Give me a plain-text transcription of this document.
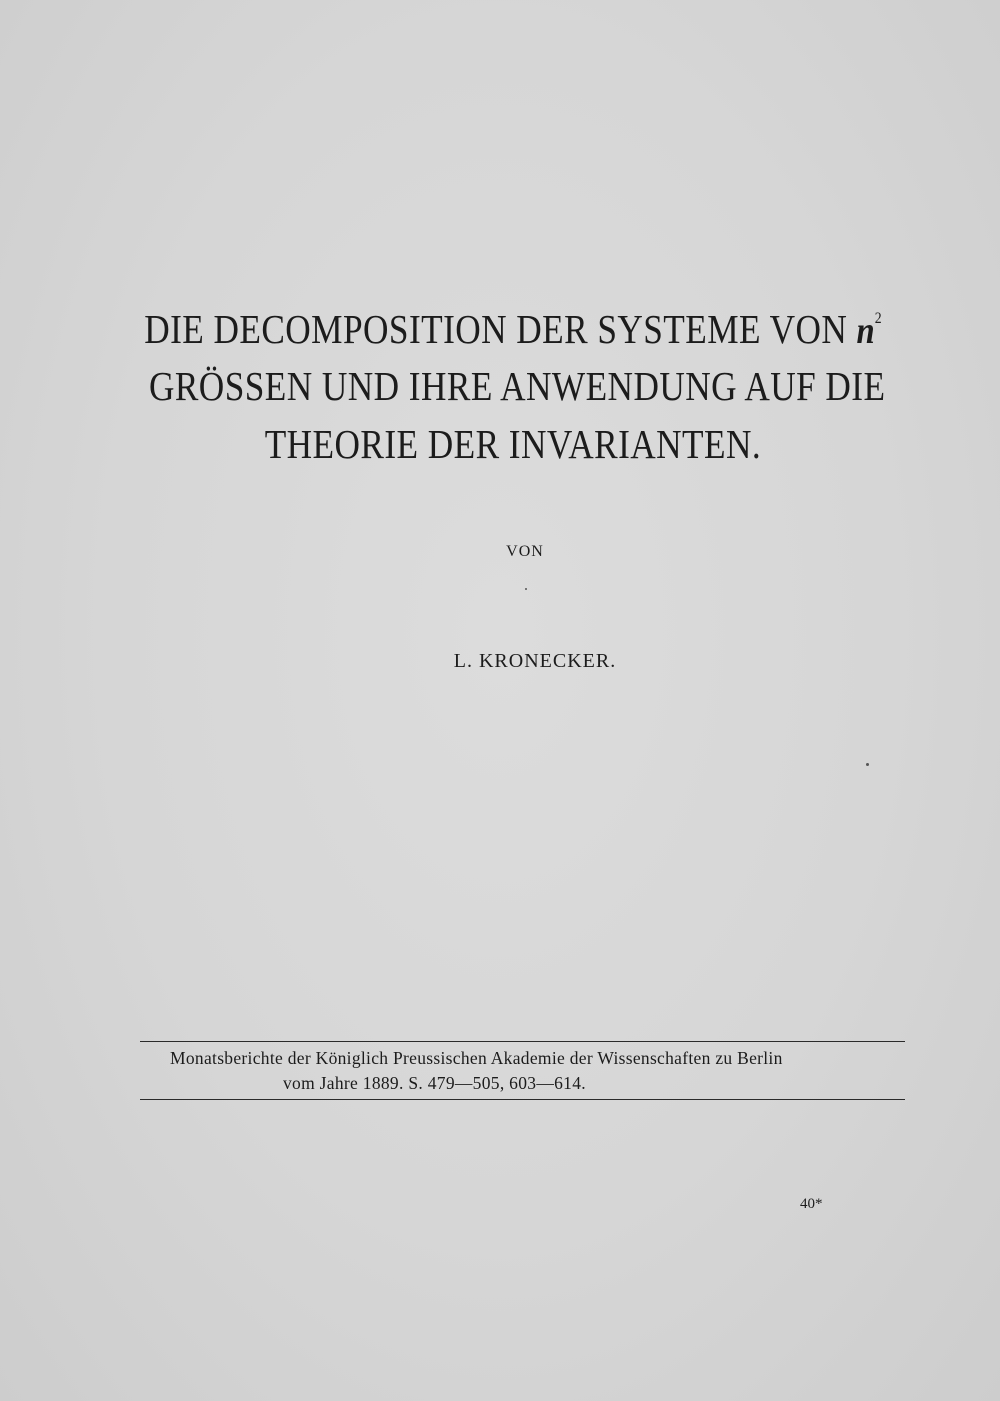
DIE DECOMPOSITION DER SYSTEME VON $n^2$
GRÖSSEN UND IHRE ANWENDUNG AUF DIE
THEORIE DER INVARIANTEN.
VON
L. KRONECKER.
Monatsberichte der Königlich Preussischen Akademie der Wissenschaften zu Berlin
vom Jahre 1889. S. 479—505, 603—614.
40*
